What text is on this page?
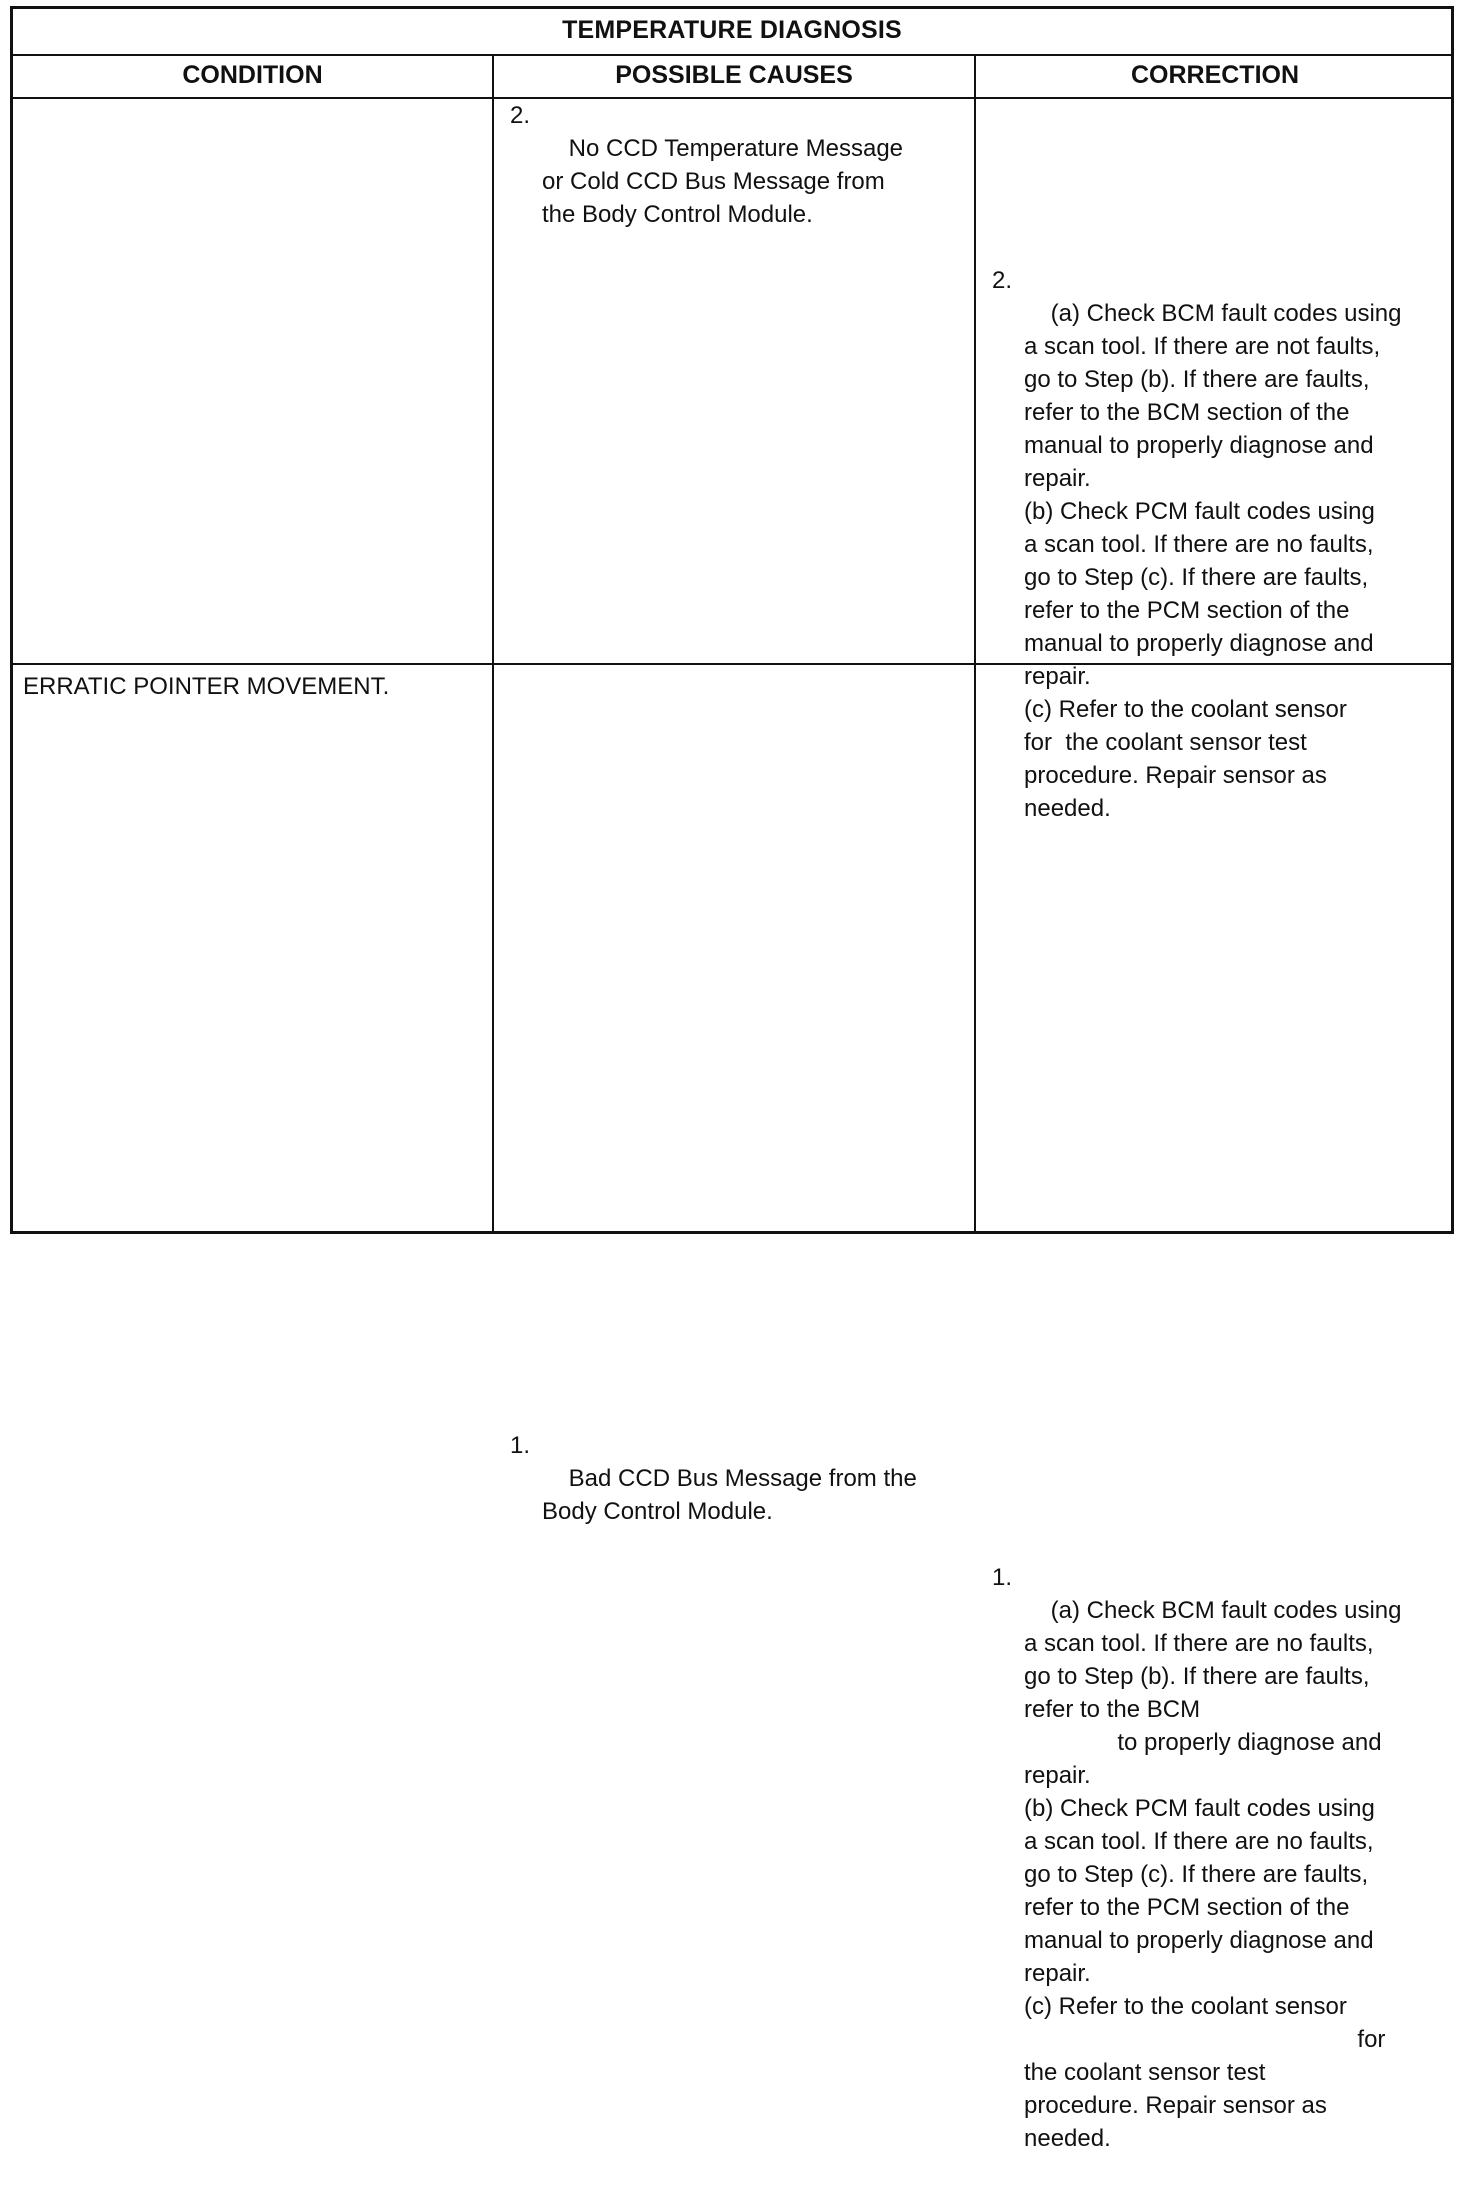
TEMPERATURE DIAGNOSIS
CONDITION	POSSIBLE CAUSES	CORRECTION

2.
No CCD Temperature Message
or Cold CCD Bus Message from
the Body Control Module.

2.
(a) Check BCM fault codes using
a scan tool. If there are not faults,
go to Step (b). If there are faults,
refer to the BCM section of the
manual to properly diagnose and
repair.
(b) Check PCM fault codes using
a scan tool. If there are no faults,
go to Step (c). If there are faults,
refer to the PCM section of the
manual to properly diagnose and
repair.
(c) Refer to the coolant sensor
for  the coolant sensor test
procedure. Repair sensor as
needed.

ERRATIC POINTER MOVEMENT.

1.
Bad CCD Bus Message from the
Body Control Module.

1.
(a) Check BCM fault codes using
a scan tool. If there are no faults,
go to Step (b). If there are faults,
refer to the BCM
to properly diagnose and
repair.
(b) Check PCM fault codes using
a scan tool. If there are no faults,
go to Step (c). If there are faults,
refer to the PCM section of the
manual to properly diagnose and
repair.
(c) Refer to the coolant sensor
for
the coolant sensor test
procedure. Repair sensor as
needed.
